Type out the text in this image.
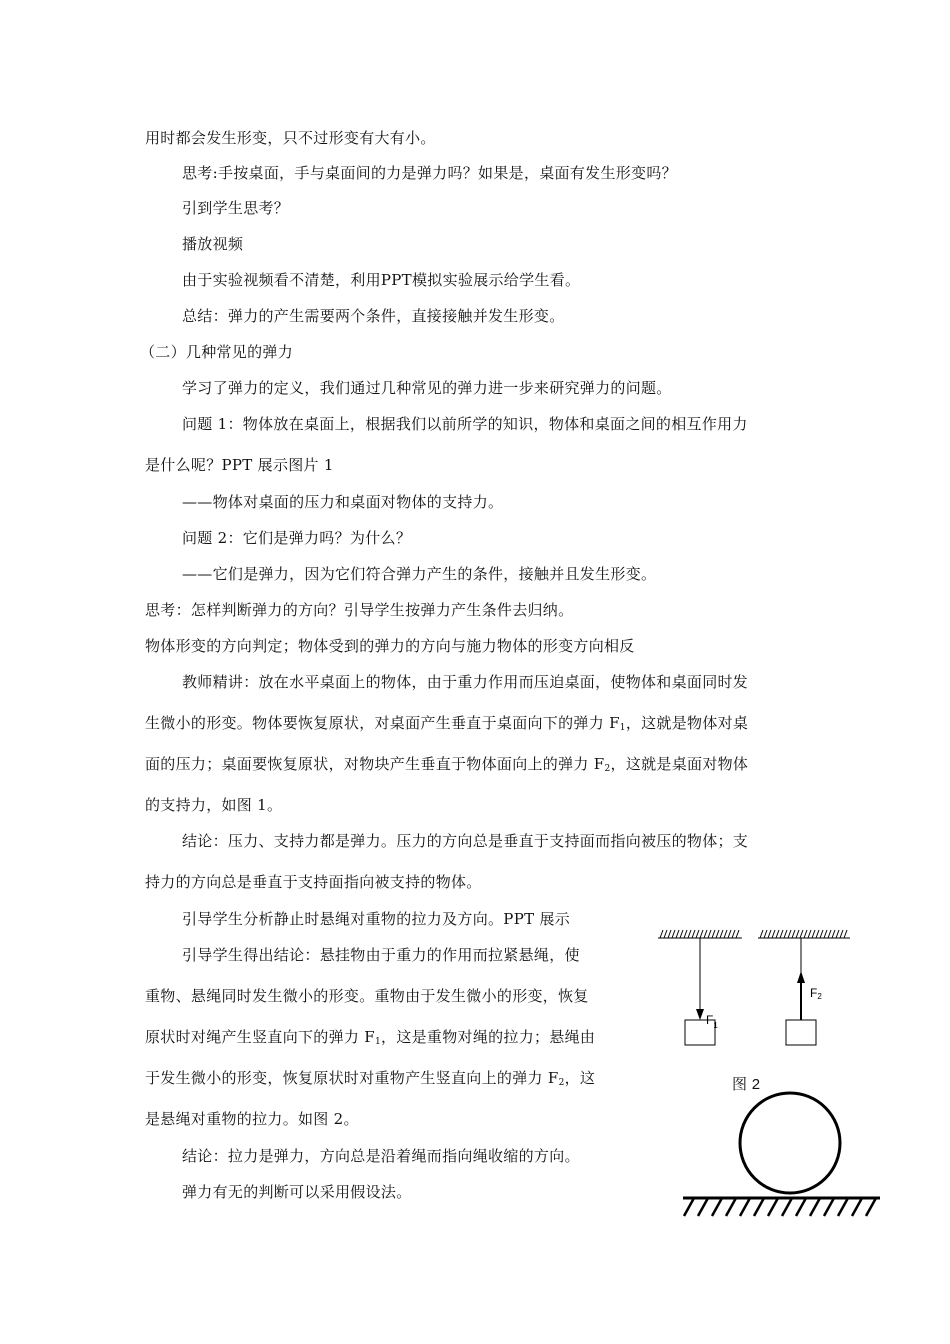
用时都会发生形变，只不过形变有大有小。
思考:手按桌面，手与桌面间的力是弹力吗？如果是，桌面有发生形变吗？
引到学生思考？
播放视频
由于实验视频看不清楚，利用PPT模拟实验展示给学生看。
总结：弹力的产生需要两个条件，直接接触并发生形变。
（二）几种常见的弹力
学习了弹力的定义，我们通过几种常见的弹力进一步来研究弹力的问题。
问题 1：物体放在桌面上，根据我们以前所学的知识，物体和桌面之间的相互作用力
是什么呢？PPT 展示图片 1
——物体对桌面的压力和桌面对物体的支持力。
问题 2：它们是弹力吗？为什么？
——它们是弹力，因为它们符合弹力产生的条件，接触并且发生形变。
思考：怎样判断弹力的方向？引导学生按弹力产生条件去归纳。
物体形变的方向判定；物体受到的弹力的方向与施力物体的形变方向相反
教师精讲：放在水平桌面上的物体，由于重力作用而压迫桌面，使物体和桌面同时发
生微小的形变。物体要恢复原状，对桌面产生垂直于桌面向下的弹力 $F_1$，这就是物体对桌
面的压力；桌面要恢复原状，对物块产生垂直于物体面向上的弹力 $F_2$，这就是桌面对物体
的支持力，如图 1。
结论：压力、支持力都是弹力。压力的方向总是垂直于支持面而指向被压的物体；支
持力的方向总是垂直于支持面指向被支持的物体。
引导学生分析静止时悬绳对重物的拉力及方向。PPT 展示
引导学生得出结论：悬挂物由于重力的作用而拉紧悬绳，使
重物、悬绳同时发生微小的形变。重物由于发生微小的形变，恢复
原状时对绳产生竖直向下的弹力 $F_1$，这是重物对绳的拉力；悬绳由
于发生微小的形变，恢复原状时对重物产生竖直向上的弹力 $F_2$，这
是悬绳对重物的拉力。如图 2。
结论：拉力是弹力，方向总是沿着绳而指向绳收缩的方向。
弹力有无的判断可以采用假设法。
$F_1$
F2
图 2
